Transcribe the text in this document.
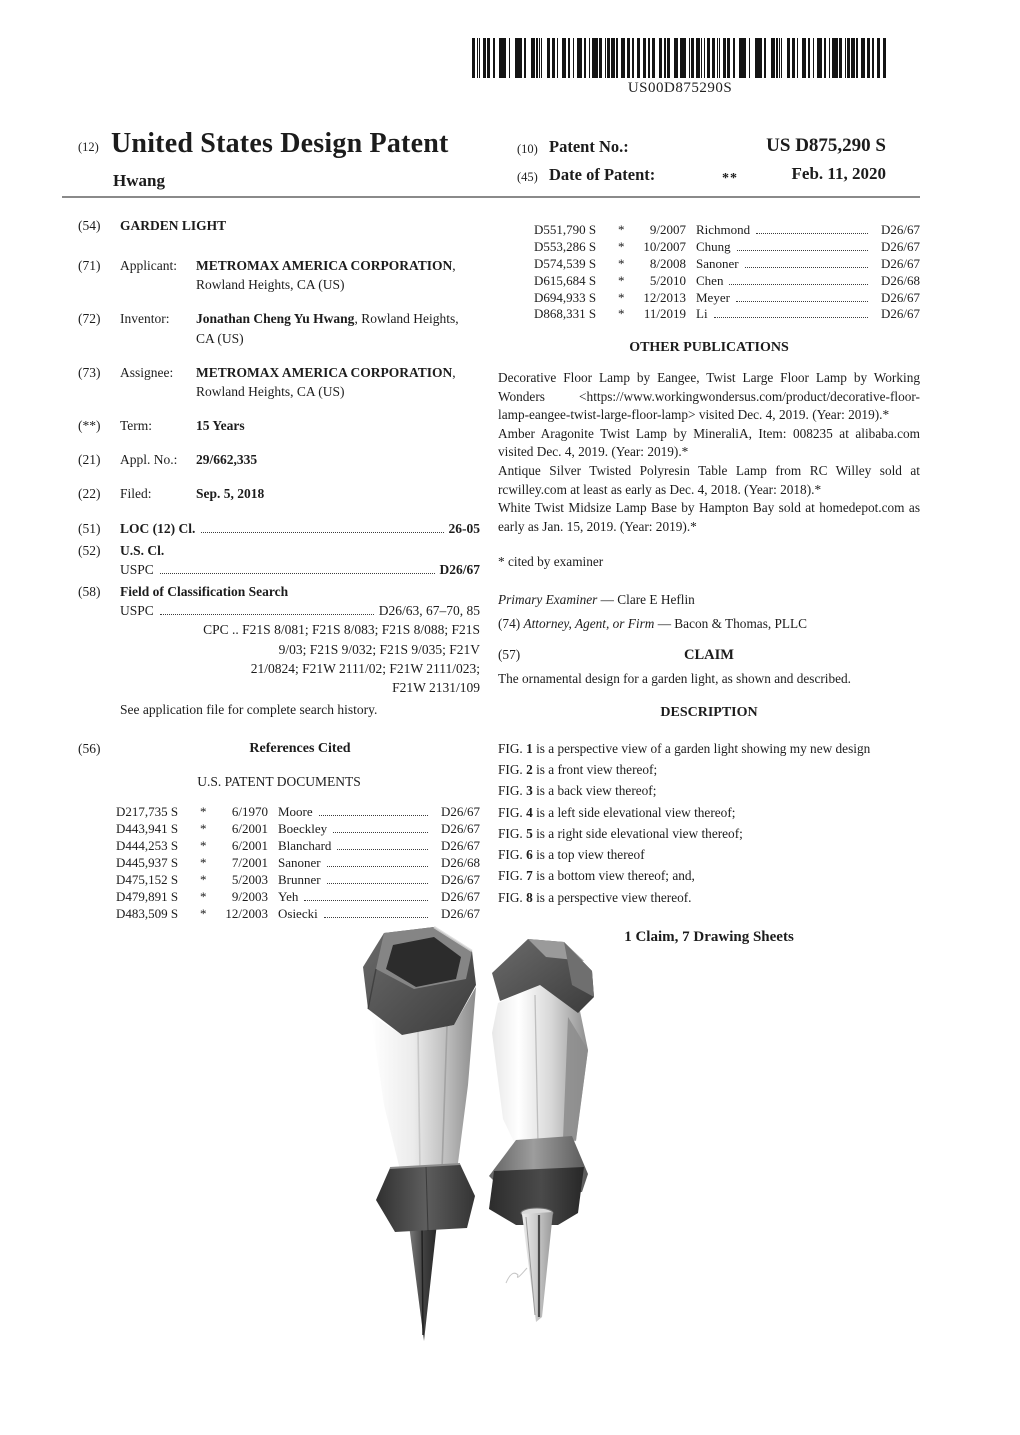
US00D875290S
(12) United States Design Patent
Hwang
(10) Patent No.:	US D875,290 S
(45) Date of Patent:	**	Feb. 11, 2020
(54)	GARDEN LIGHT
(71)	Applicant:	METROMAX AMERICA CORPORATION, Rowland Heights, CA (US)
(72)	Inventor:	Jonathan Cheng Yu Hwang, Rowland Heights, CA (US)
(73)	Assignee:	METROMAX AMERICA CORPORATION, Rowland Heights, CA (US)
(**)	Term:	15 Years
(21)	Appl. No.:	29/662,335
(22)	Filed:	Sep. 5, 2018
(51)	LOC (12) Cl.	26-05
(52)	U.S. Cl.
USPC	D26/67
(58)	Field of Classification Search
USPC	D26/63, 67–70, 85
CPC .. F21S 8/081; F21S 8/083; F21S 8/088; F21S
9/03; F21S 9/032; F21S 9/035; F21V
21/0824; F21W 2111/02; F21W 2111/023;
F21W 2131/109
See application file for complete search history.
(56)	References Cited
U.S. PATENT DOCUMENTS
D217,735 S	*	6/1970 Moore	D26/67
D443,941 S	*	6/2001 Boeckley	D26/67
D444,253 S	*	6/2001 Blanchard	D26/67
D445,937 S	*	7/2001 Sanoner	D26/68
D475,152 S	*	5/2003 Brunner	D26/67
D479,891 S	*	9/2003 Yeh	D26/67
D483,509 S	*	12/2003 Osiecki	D26/67
D551,790 S	*	9/2007 Richmond	D26/67
D553,286 S	*	10/2007 Chung	D26/67
D574,539 S	*	8/2008 Sanoner	D26/67
D615,684 S	*	5/2010 Chen	D26/68
D694,933 S	*	12/2013 Meyer	D26/67
D868,331 S	*	11/2019 Li	D26/67
OTHER PUBLICATIONS

Decorative Floor Lamp by Eangee, Twist Large Floor Lamp by Working Wonders <https://www.workingwondersus.com/product/decorative-floor-lamp-eangee-twist-large-floor-lamp> visited Dec. 4, 2019. (Year: 2019).*

Amber Aragonite Twist Lamp by MineraliA, Item: 008235 at alibaba.com visited Dec. 4, 2019. (Year: 2019).*

Antique Silver Twisted Polyresin Table Lamp from RC Willey sold at rcwilley.com at least as early as Dec. 4, 2018. (Year: 2018).*

White Twist Midsize Lamp Base by Hampton Bay sold at homedepot.com as early as Jan. 15, 2019. (Year: 2019).*

* cited by examiner
Primary Examiner — Clare E Heflin
(74) Attorney, Agent, or Firm — Bacon & Thomas, PLLC
(57)	CLAIM
The ornamental design for a garden light, as shown and described.
DESCRIPTION
FIG. 1 is a perspective view of a garden light showing my new design
FIG. 2 is a front view thereof;
FIG. 3 is a back view thereof;
FIG. 4 is a left side elevational view thereof;
FIG. 5 is a right side elevational view thereof;
FIG. 6 is a top view thereof
FIG. 7 is a bottom view thereof; and,
FIG. 8 is a perspective view thereof.
1 Claim, 7 Drawing Sheets
